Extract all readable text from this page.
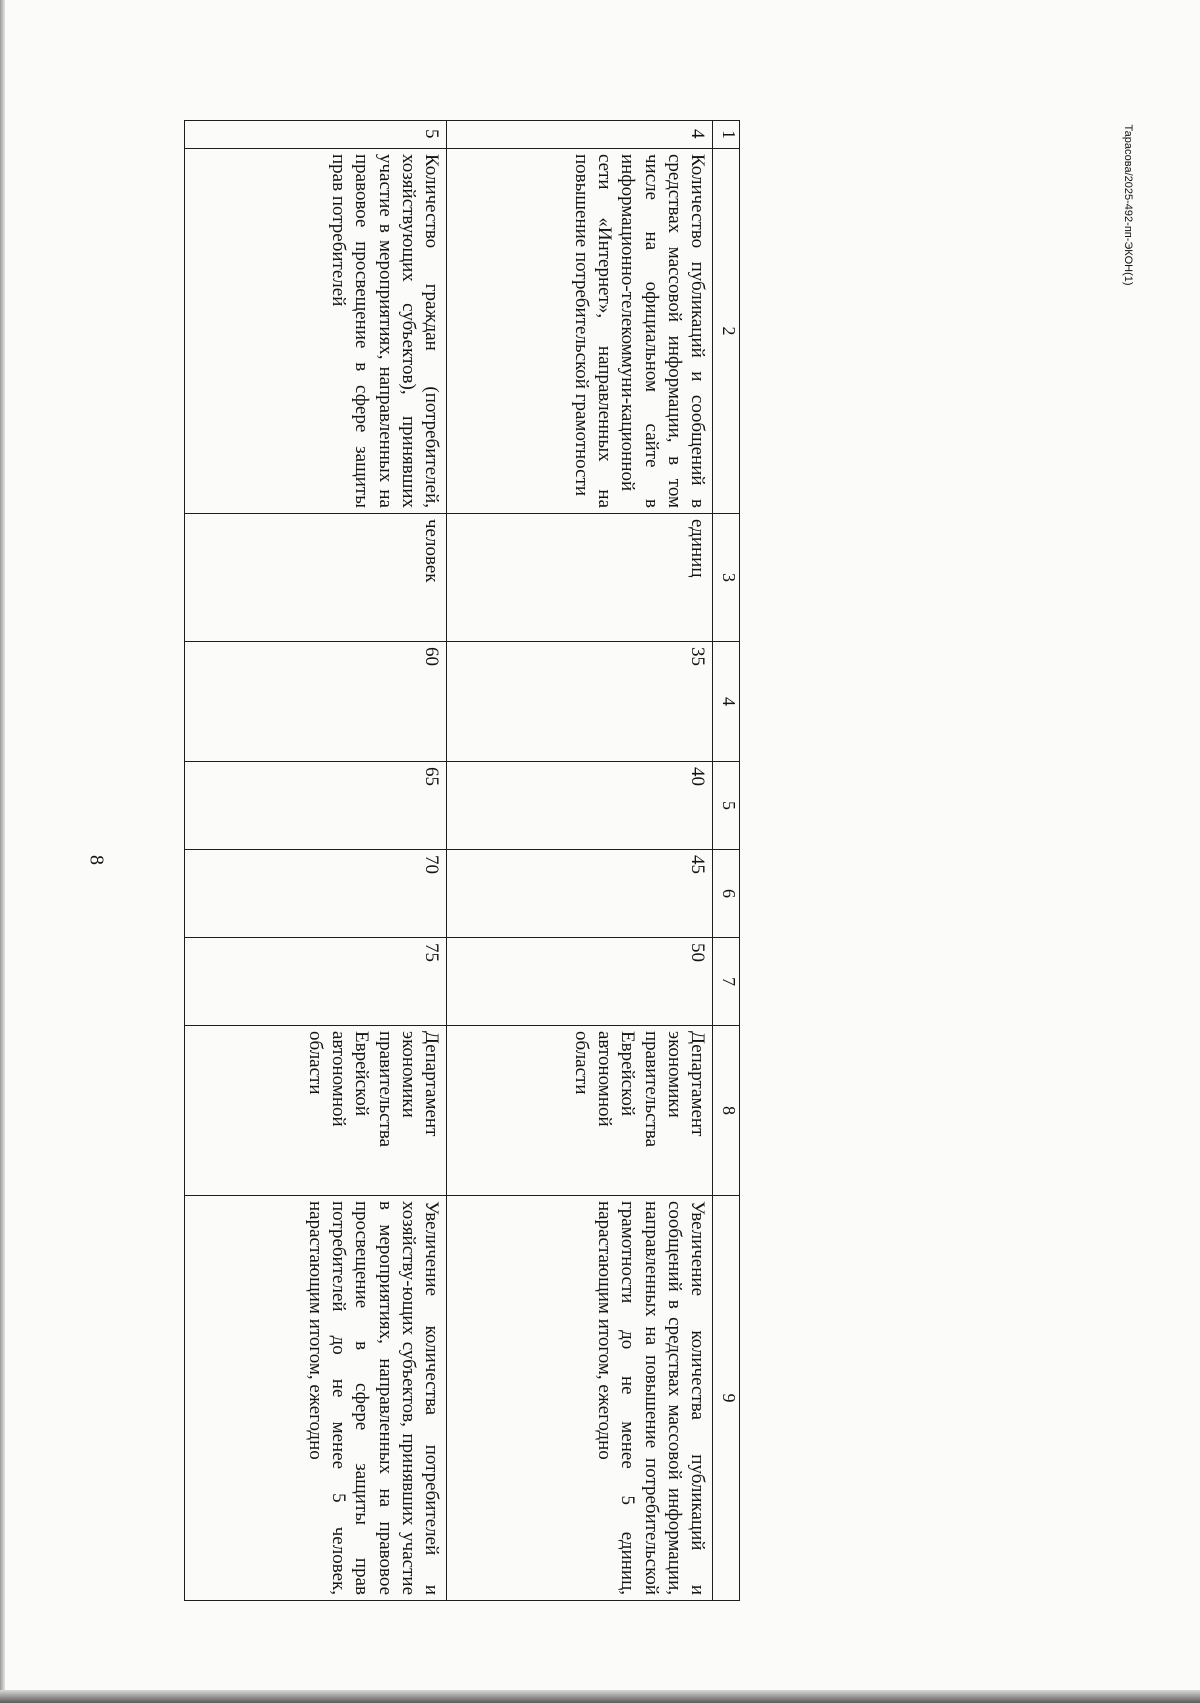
8
Тарасова/2025-492-пп-ЭКОН(1)
1	2	3	4	5	6	7	8	9
4	Количество публикаций и сообщений в средствах массовой информации, в том числе на официальном сайте в информационно-телекоммуни-кационной сети «Интернет», направленных на повышение потребительской грамотности	единиц	35	40	45	50	Департамент экономики правительства Еврейской автономной области	Увеличение количества публикаций и сообщений в средствах массовой информации, направленных на повышение потребительской грамотности до не менее 5 единиц, нарастающим итогом, ежегодно
5	Количество граждан (потребителей, хозяйствующих субъектов), принявших участие в мероприятиях, направленных на правовое просвещение в сфере защиты прав потребителей	человек	60	65	70	75	Департамент экономики правительства Еврейской автономной области	Увеличение количества потребителей и хозяйству-ющих субъектов, принявших участие в мероприятиях, направленных на правовое просвещение в сфере защиты прав потребителей до не менее 5 человек, нарастающим итогом, ежегодно
